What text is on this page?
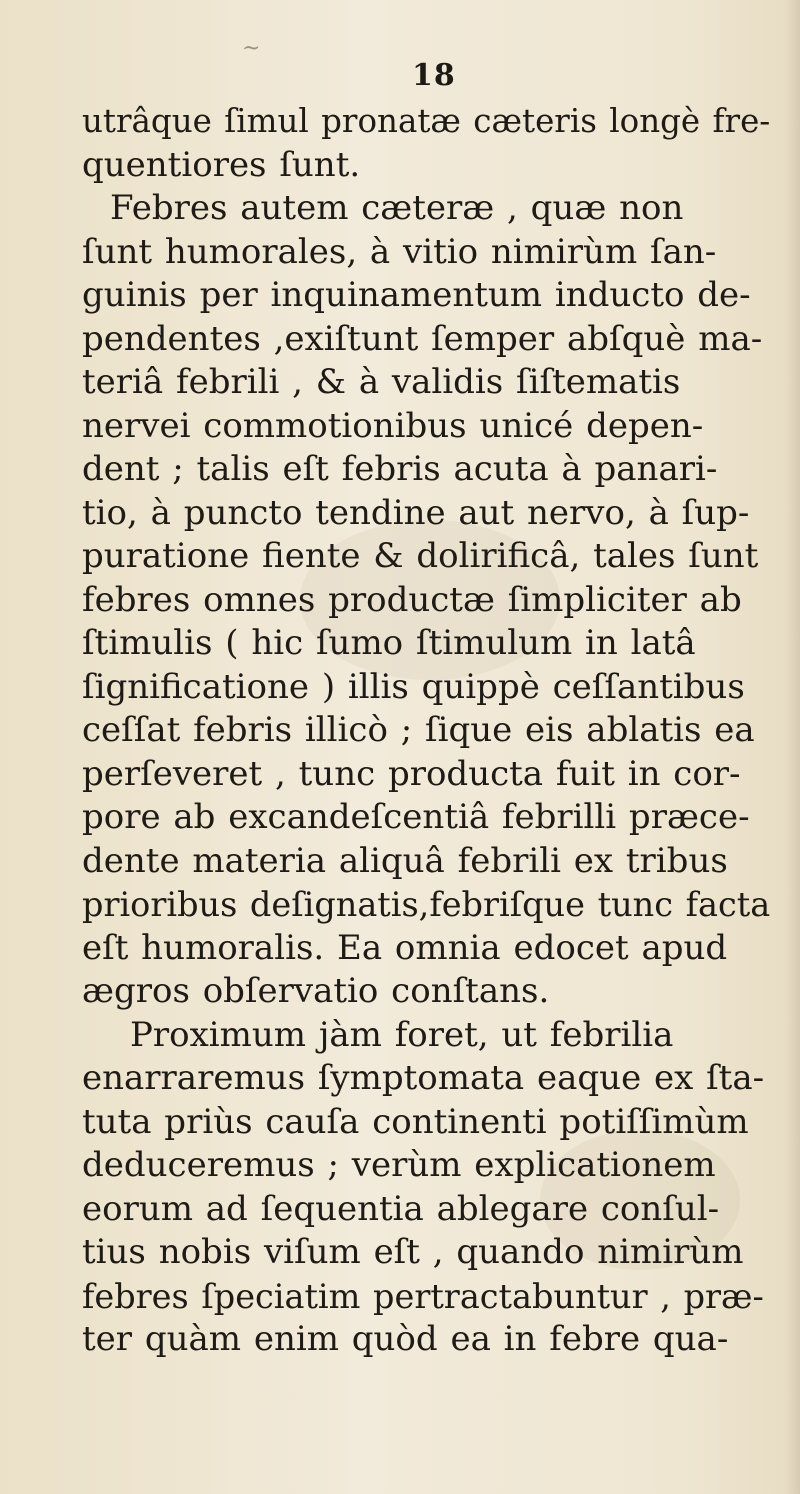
~
18
utrâque ſimul pronatæ cæteris longè fre-
quentiores ſunt.
Febres autem cæteræ , quæ non
ſunt humorales, à vitio nimirùm ſan-
guinis per inquinamentum inducto de-
pendentes ,exiſtunt ſemper abſquè ma-
teriâ febrili , & à validis ſiſtematis
nervei commotionibus unicé depen-
dent ; talis eſt febris acuta à panari-
tio, à puncto tendine aut nervo, à ſup-
puratione fiente & dolirificâ, tales ſunt
febres omnes productæ ſimpliciter ab
ſtimulis ( hic ſumo ſtimulum in latâ
ſignificatione ) illis quippè ceſſantibus
ceſſat febris illicò ; ſique eis ablatis ea
perſeveret , tunc producta fuit in cor-
pore ab excandeſcentiâ febrilli præce-
dente materia aliquâ febrili ex tribus
prioribus deſignatis,febriſque tunc facta
eſt humoralis. Ea omnia edocet apud
ægros obſervatio conſtans.
Proximum jàm foret, ut febrilia
enarraremus ſymptomata eaque ex ſta-
tuta priùs cauſa continenti potiſſimùm
deduceremus ; verùm explicationem
eorum ad ſequentia ablegare conſul-
tius nobis viſum eſt , quando nimirùm
febres ſpeciatim pertractabuntur , præ-
ter quàm enim quòd ea in febre qua-
